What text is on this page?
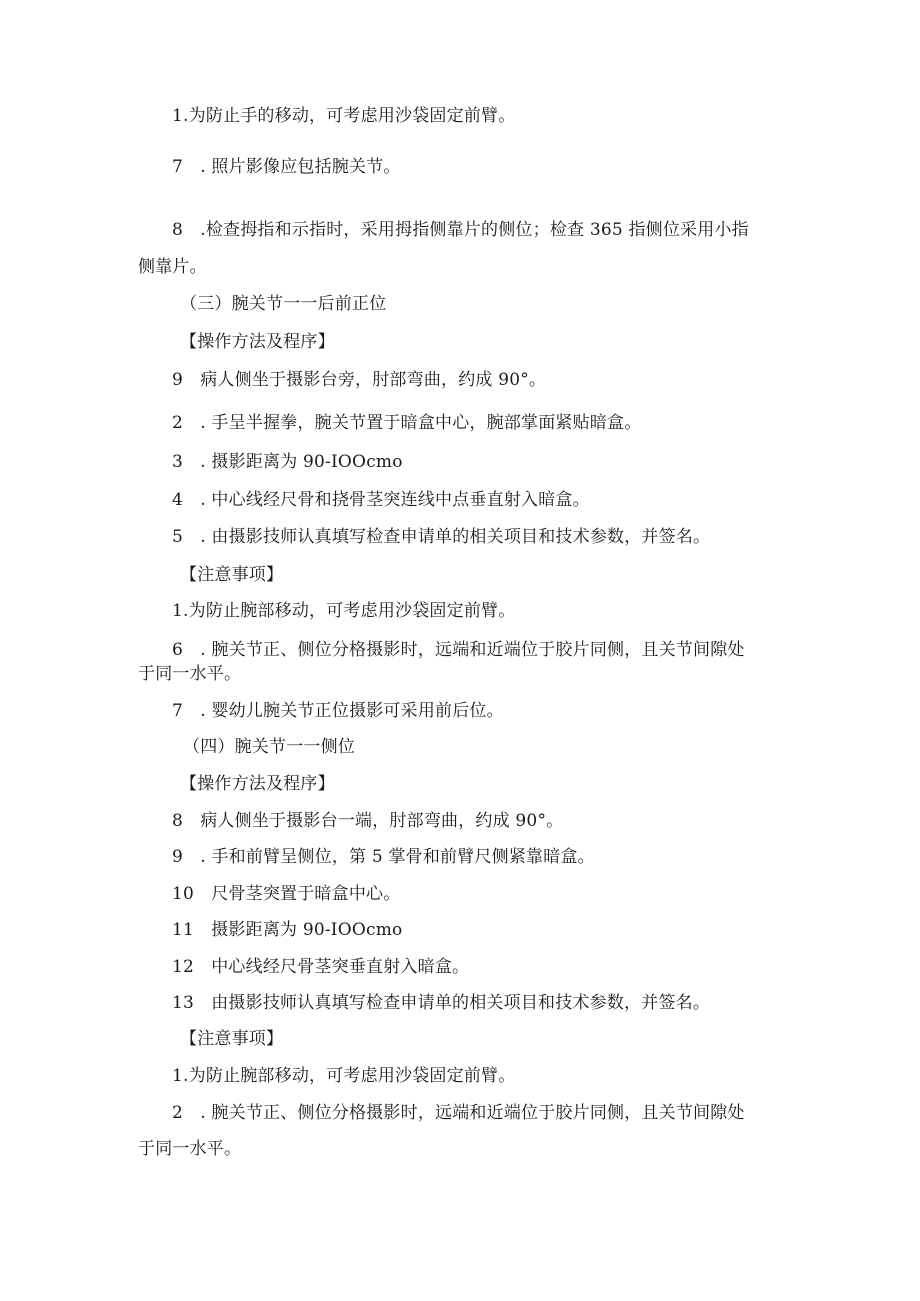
1.为防止手的移动，可考虑用沙袋固定前臂。
7　. 照片影像应包括腕关节。
8　.检查拇指和示指时，采用拇指侧靠片的侧位；检查 365 指侧位采用小指
侧靠片。
（三）腕关节一一后前正位
【操作方法及程序】
9　病人侧坐于摄影台旁，肘部弯曲，约成 90°。
2　. 手呈半握拳，腕关节置于暗盒中心，腕部掌面紧贴暗盒。
3　. 摄影距离为 90-IOOcmo
4　. 中心线经尺骨和挠骨茎突连线中点垂直射入暗盒。
5　. 由摄影技师认真填写检查申请单的相关项目和技术参数，并签名。
【注意事项】
1.为防止腕部移动，可考虑用沙袋固定前臂。
6　. 腕关节正、侧位分格摄影时，远端和近端位于胶片同侧，且关节间隙处
于同一水平。
7　. 婴幼儿腕关节正位摄影可采用前后位。
（四）腕关节一一侧位
【操作方法及程序】
8　病人侧坐于摄影台一端，肘部弯曲，约成 90°。
9　. 手和前臂呈侧位，第 5 掌骨和前臂尺侧紧靠暗盒。
10　尺骨茎突置于暗盒中心。
11　摄影距离为 90-IOOcmo
12　中心线经尺骨茎突垂直射入暗盒。
13　由摄影技师认真填写检查申请单的相关项目和技术参数，并签名。
【注意事项】
1.为防止腕部移动，可考虑用沙袋固定前臂。
2　. 腕关节正、侧位分格摄影时，远端和近端位于胶片同侧，且关节间隙处
于同一水平。
